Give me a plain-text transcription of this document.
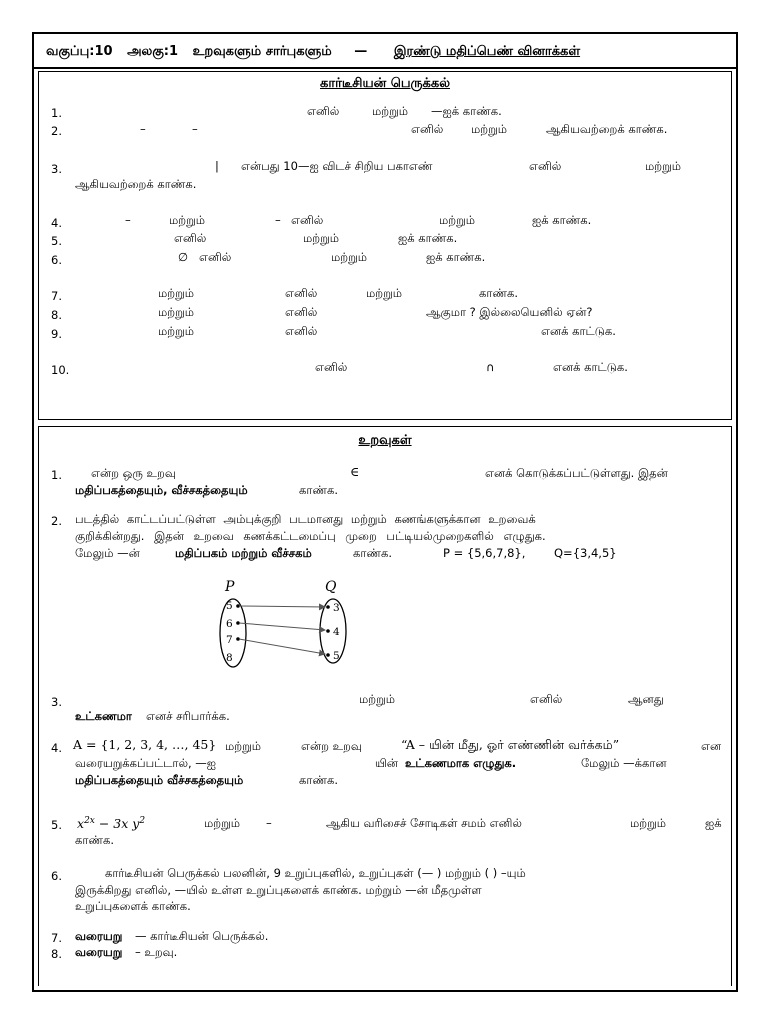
வகுப்பு:10 அலகு:1 உறவுகளும் சார்புகளும் — இரண்டு மதிப்பெண் வினாக்கள்
கார்டீசியன் பெருக்கல்
1.	எனில்	மற்றும் —ஐக் காண்க.
2.	–	–	எனில் மற்றும்	ஆகியவற்றைக் காண்க.
3.	| என்பது 10—ஐ விடச் சிறிய பகாஎண்	எனில்	மற்றும்
ஆகியவற்றைக் காண்க.
4.	–	மற்றும்	– எனில்	மற்றும்	ஐக் காண்க.
5.	எனில்	மற்றும்	ஐக் காண்க.
6.	∅ எனில்	மற்றும்	ஐக் காண்க.
7.	மற்றும்	எனில்	மற்றும்	காண்க.
8.	மற்றும்	எனில்	ஆகுமா ? இல்லையெனில் ஏன்?
9.	மற்றும்	எனில்	எனக் காட்டுக.
10.	எனில்	∩	எனக் காட்டுக.
உறவுகள்
1.	என்ற ஒரு உறவு	∈	எனக் கொடுக்கப்பட்டுள்ளது. இதன்
மதிப்பகத்தையும், வீச்சகத்தையும்	காண்க.
2. படத்தில் காட்டப்பட்டுள்ள அம்புக்குறி படமானது மற்றும் கணங்களுக்கான உறவைக்
குறிக்கின்றது. இதன் உறவை கணக்கட்டமைப்பு முறை பட்டியல்முறைகளில் எழுதுக.
மேலும் —ன்	மதிப்பகம் மற்றும் வீச்சகம்	காண்க.	P = {5,6,7,8}, Q={3,4,5}
P	Q
5
6
7
8
3
4
5
3.	மற்றும்	எனில்	ஆனது
உட்கணமா எனச் சரிபார்க்க.
4. A = {1, 2, 3, 4, …, 45} மற்றும்	என்ற உறவு	“A – யின் மீது, ஓர் எண்ணின் வர்க்கம்”	என
வரையறுக்கப்பட்டால், —ஐ	யின் உட்கணமாக எழுதுக.	மேலும் —க்கான
மதிப்பகத்தையும் வீச்சகத்தையும்	காண்க.
5. $x^{2x} - 3x$ $y^2$	மற்றும் –	ஆகிய வரிசைச் சோடிகள் சமம் எனில்	மற்றும்	ஐக்
காண்க.
6.	கார்டீசியன் பெருக்கல் பலனின், 9 உறுப்புகளில், உறுப்புகள் (— ) மற்றும் ( ) –யும்
இருக்கிறது எனில், —யில் உள்ள உறுப்புகளைக் காண்க. மற்றும் —ன் மீதமுள்ள
உறுப்புகளைக் காண்க.
7. வரையறு — கார்டீசியன் பெருக்கல்.
8. வரையறு – உறவு.
